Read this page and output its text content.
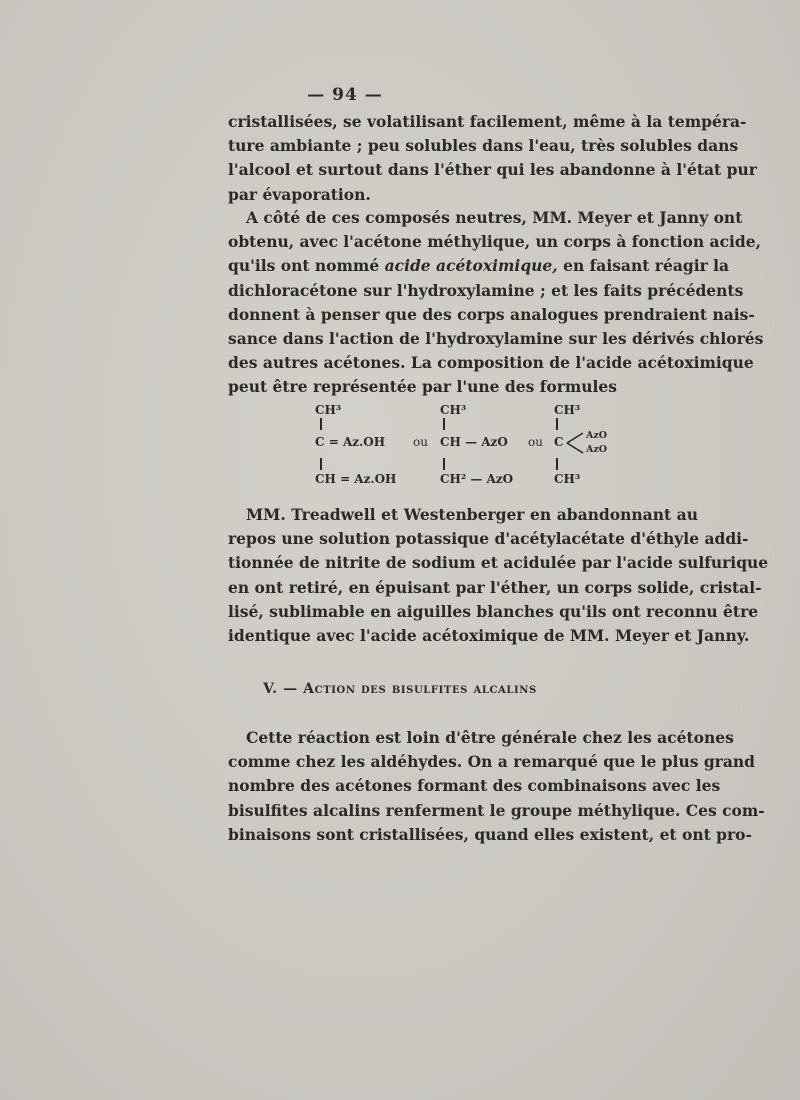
— 94 —

cristallisées, se volatilisant facilement, même à la tempéra-
ture ambiante ; peu solubles dans l'eau, très solubles dans
l'alcool et surtout dans l'éther qui les abandonne à l'état pur
par évaporation.

A côté de ces composés neutres, MM. Meyer et Janny ont
obtenu, avec l'acétone méthylique, un corps à fonction acide,
qu'ils ont nommé acide acétoximique, en faisant réagir la
dichloracétone sur l'hydroxylamine ; et les faits précédents
donnent à penser que des corps analogues prendraient nais-
sance dans l'action de l'hydroxylamine sur les dérivés chlorés
des autres acétones. La composition de l'acide acétoximique
peut être représentée par l'une des formules

CH³
C = Az.OH
CH = Az.OH
ou
CH³
CH — AzO
CH² — AzO
ou
CH³
C AzO
AzO
CH³

MM. Treadwell et Westenberger en abandonnant au
repos une solution potassique d'acétylacétate d'éthyle addi-
tionnée de nitrite de sodium et acidulée par l'acide sulfurique
en ont retiré, en épuisant par l'éther, un corps solide, cristal-
lisé, sublimable en aiguilles blanches qu'ils ont reconnu être
identique avec l'acide acétoximique de MM. Meyer et Janny.

V. — Action des bisulfites alcalins

Cette réaction est loin d'être générale chez les acétones
comme chez les aldéhydes. On a remarqué que le plus grand
nombre des acétones formant des combinaisons avec les
bisulfites alcalins renferment le groupe méthylique. Ces com-
binaisons sont cristallisées, quand elles existent, et ont pro-
